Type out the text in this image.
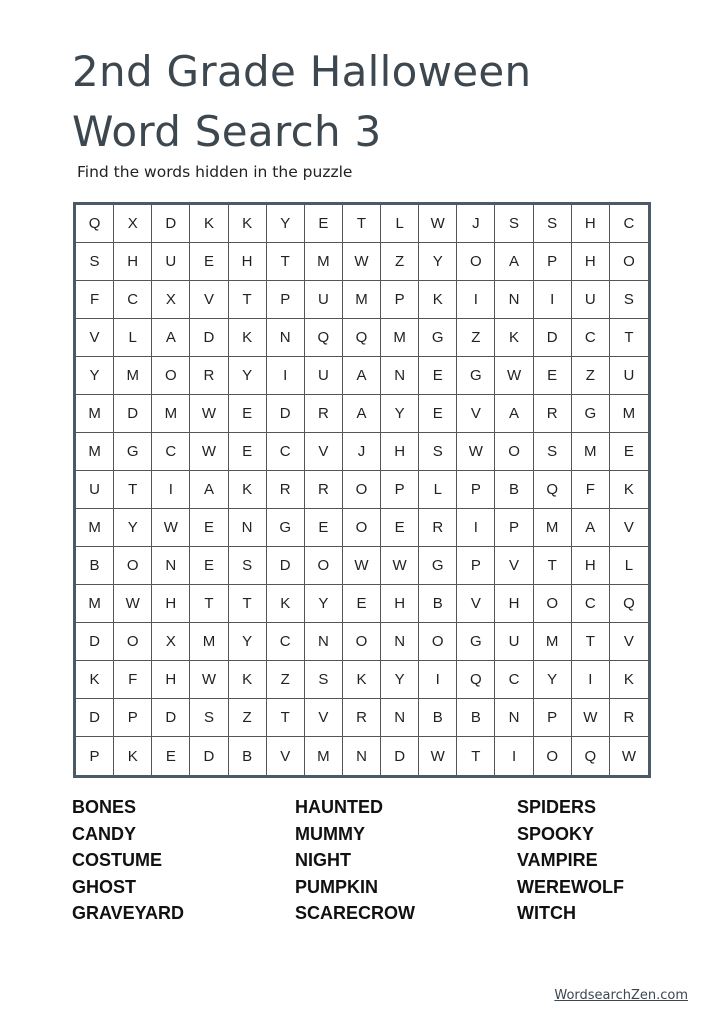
2nd Grade Halloween
Word Search 3
Find the words hidden in the puzzle
Q	X	D	K	K	Y	E	T	L	W	J	S	S	H	C
S	H	U	E	H	T	M	W	Z	Y	O	A	P	H	O
F	C	X	V	T	P	U	M	P	K	I	N	I	U	S
V	L	A	D	K	N	Q	Q	M	G	Z	K	D	C	T
Y	M	O	R	Y	I	U	A	N	E	G	W	E	Z	U
M	D	M	W	E	D	R	A	Y	E	V	A	R	G	M
M	G	C	W	E	C	V	J	H	S	W	O	S	M	E
U	T	I	A	K	R	R	O	P	L	P	B	Q	F	K
M	Y	W	E	N	G	E	O	E	R	I	P	M	A	V
B	O	N	E	S	D	O	W	W	G	P	V	T	H	L
M	W	H	T	T	K	Y	E	H	B	V	H	O	C	Q
D	O	X	M	Y	C	N	O	N	O	G	U	M	T	V
K	F	H	W	K	Z	S	K	Y	I	Q	C	Y	I	K
D	P	D	S	Z	T	V	R	N	B	B	N	P	W	R
P	K	E	D	B	V	M	N	D	W	T	I	O	Q	W
BONES
CANDY
COSTUME
GHOST
GRAVEYARD
HAUNTED
MUMMY
NIGHT
PUMPKIN
SCARECROW
SPIDERS
SPOOKY
VAMPIRE
WEREWOLF
WITCH
WordsearchZen.com
